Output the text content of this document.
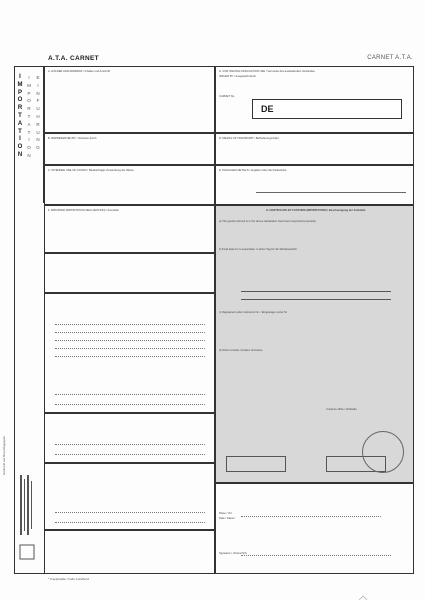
A.T.A. CARNET	CARNET A.T.A.
I
M
P
O
R
T
A
T
I
O
N
I
M
P
O
R
T
A
T
I
O
N
E
I
N
F
U
H
R
U
N
G
A. HOLDER AND ADDRESS / Inhaber und Anschrift	G. FOR ISSUING ASSOCIATION USE / Vermerke des ausstellenden Verbandes
ISSUED BY / Ausgestellt durch
CARNET No.
DE
B. REPRESENTED BY / Vertreten durch	D. MEANS OF TRANSPORT / Beförderungsmittel
C. INTENDED USE OF GOODS / Beabsichtigte Verwendung der Waren	E. PACKAGES DETAILS / Angaben über die Packstücke

F. IMPORTER (IMPORTATION DECLARATION) / Anmelder	H. CERTIFICATE BY CUSTOMS (IMPORTATION) / Bescheinigung der Zollstelle
a) The goods referred to in the above declaration have been imported temporarily
b) Final date for re-exportation / Letzter Tag für die Wiederausfuhr
c) Registered under reference No. / Eingetragen unter Nr.
d) Other remarks / Andere Vermerke
Customs office / Zollstelle
Place / Ort
Date / Datum
Signature / Unterschrift
Gedruckt auf Recyclingpapier
* If applicable / Falls zutreffend
